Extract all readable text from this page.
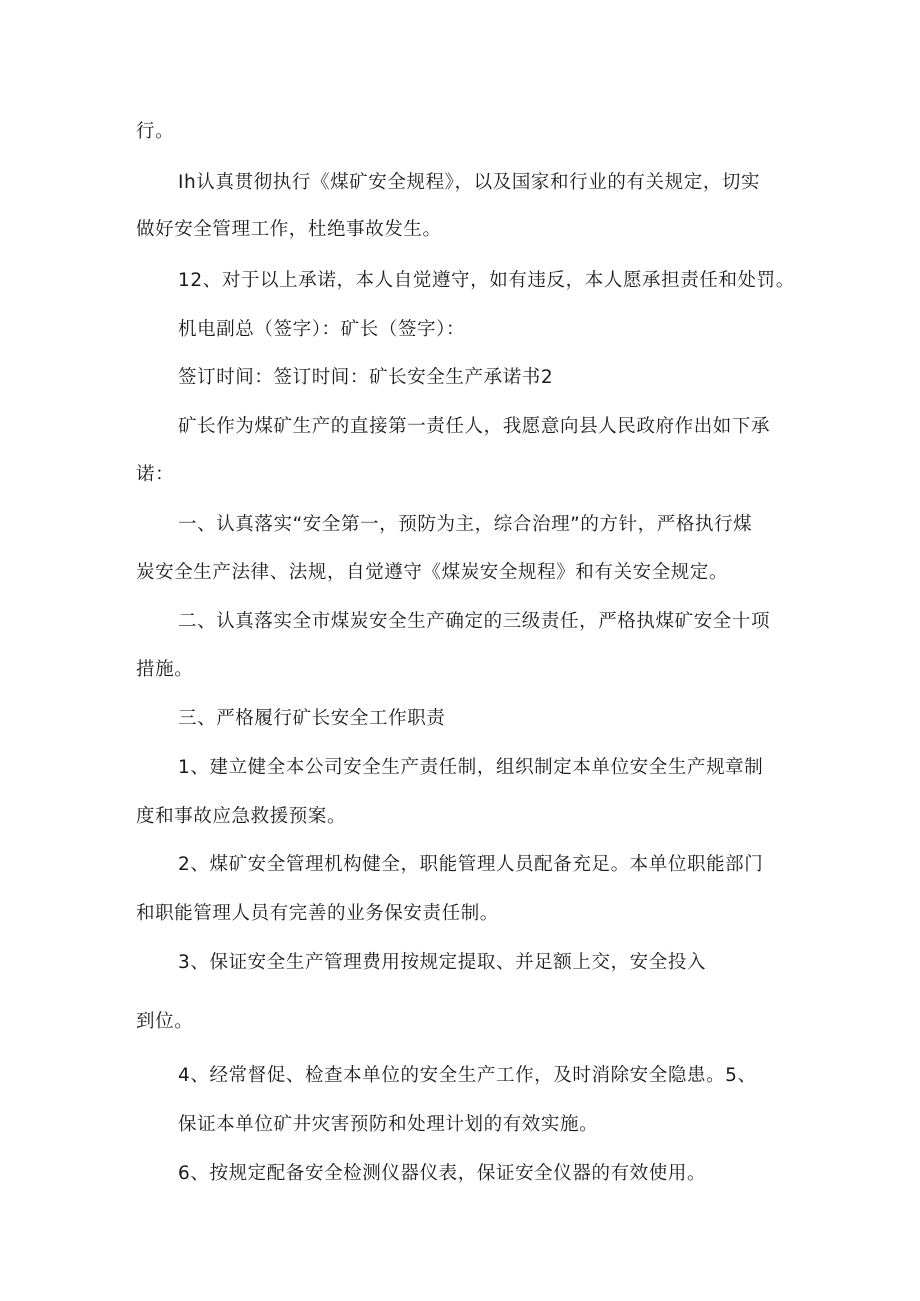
行。

Ih认真贯彻执行《煤矿安全规程》，以及国家和行业的有关规定，切实

做好安全管理工作，杜绝事故发生。

12、对于以上承诺，本人自觉遵守，如有违反，本人愿承担责任和处罚。

机电副总（签字）：矿长（签字）：

签订时间：签订时间：矿长安全生产承诺书2

矿长作为煤矿生产的直接第一责任人，我愿意向县人民政府作出如下承

诺：

一、认真落实“安全第一，预防为主，综合治理”的方针，严格执行煤

炭安全生产法律、法规，自觉遵守《煤炭安全规程》和有关安全规定。

二、认真落实全市煤炭安全生产确定的三级责任，严格执煤矿安全十项

措施。

三、严格履行矿长安全工作职责

1、建立健全本公司安全生产责任制，组织制定本单位安全生产规章制

度和事故应急救援预案。

2、煤矿安全管理机构健全，职能管理人员配备充足。本单位职能部门

和职能管理人员有完善的业务保安责任制。

3、保证安全生产管理费用按规定提取、并足额上交，安全投入

到位。

4、经常督促、检查本单位的安全生产工作，及时消除安全隐患。5、

保证本单位矿井灾害预防和处理计划的有效实施。

6、按规定配备安全检测仪器仪表，保证安全仪器的有效使用。
